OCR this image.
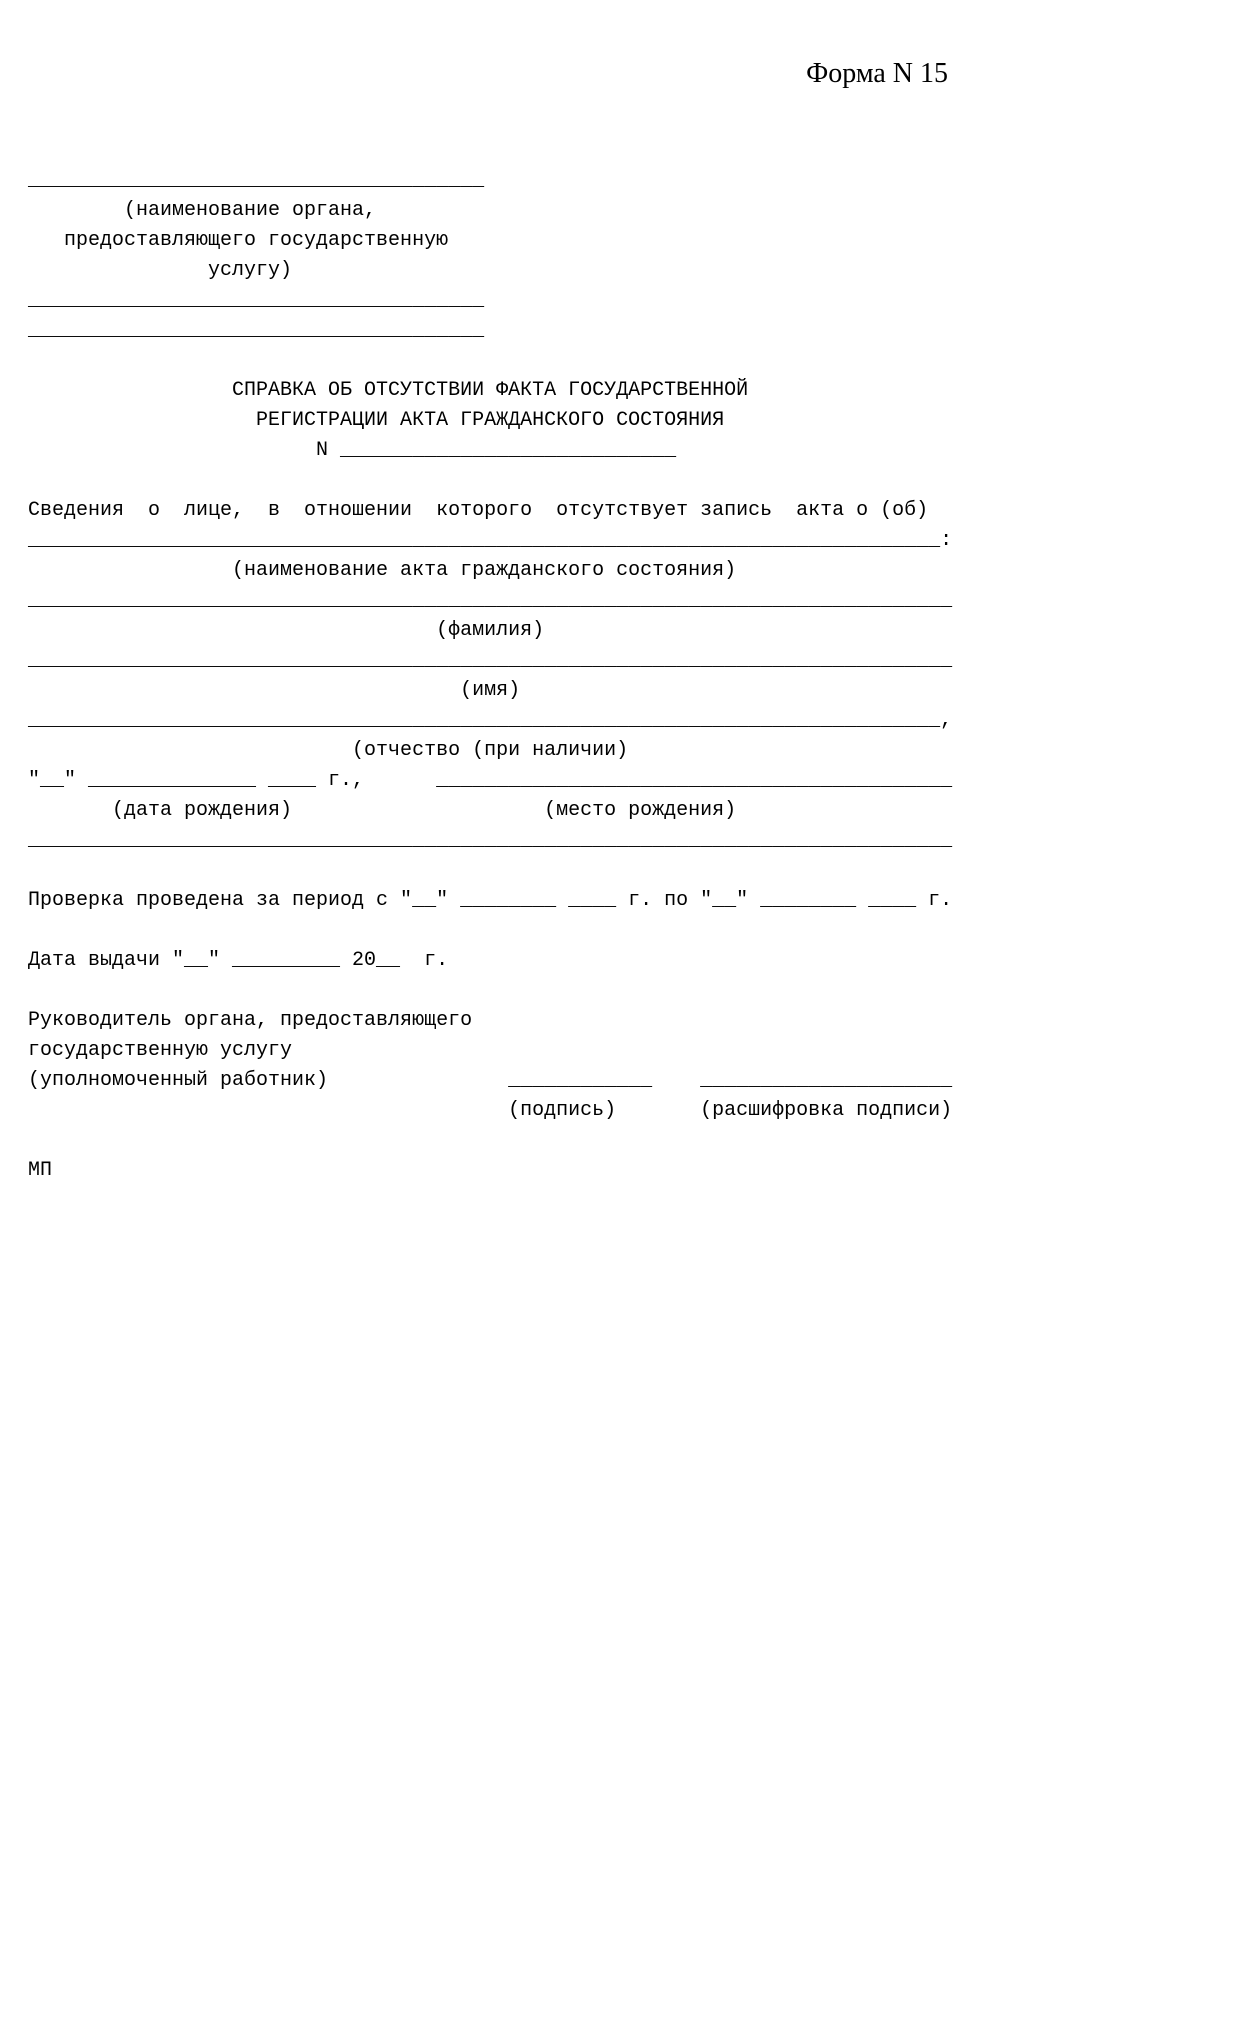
Форма N 15
______________________________________
(наименование органа,
предоставляющего государственную
услугу)
______________________________________
______________________________________

СПРАВКА ОБ ОТСУТСТВИИ ФАКТА ГОСУДАРСТВЕННОЙ
РЕГИСТРАЦИИ АКТА ГРАЖДАНСКОГО СОСТОЯНИЯ
N ____________________________

Сведения  о  лице,  в  отношении  которого  отсутствует запись  акта о (об)
____________________________________________________________________________:
(наименование акта гражданского состояния)
_____________________________________________________________________________
(фамилия)
_____________________________________________________________________________
(имя)
____________________________________________________________________________,
(отчество (при наличии)
"__" ______________ ____ г.,      ___________________________________________
(дата рождения)                     (место рождения)
_____________________________________________________________________________

Проверка проведена за период с "__" ________ ____ г. по "__" ________ ____ г.

Дата выдачи "__" _________ 20__  г.

Руководитель органа, предоставляющего
государственную услугу
(уполномоченный работник)               ____________    _____________________
(подпись)       (расшифровка подписи)

МП
